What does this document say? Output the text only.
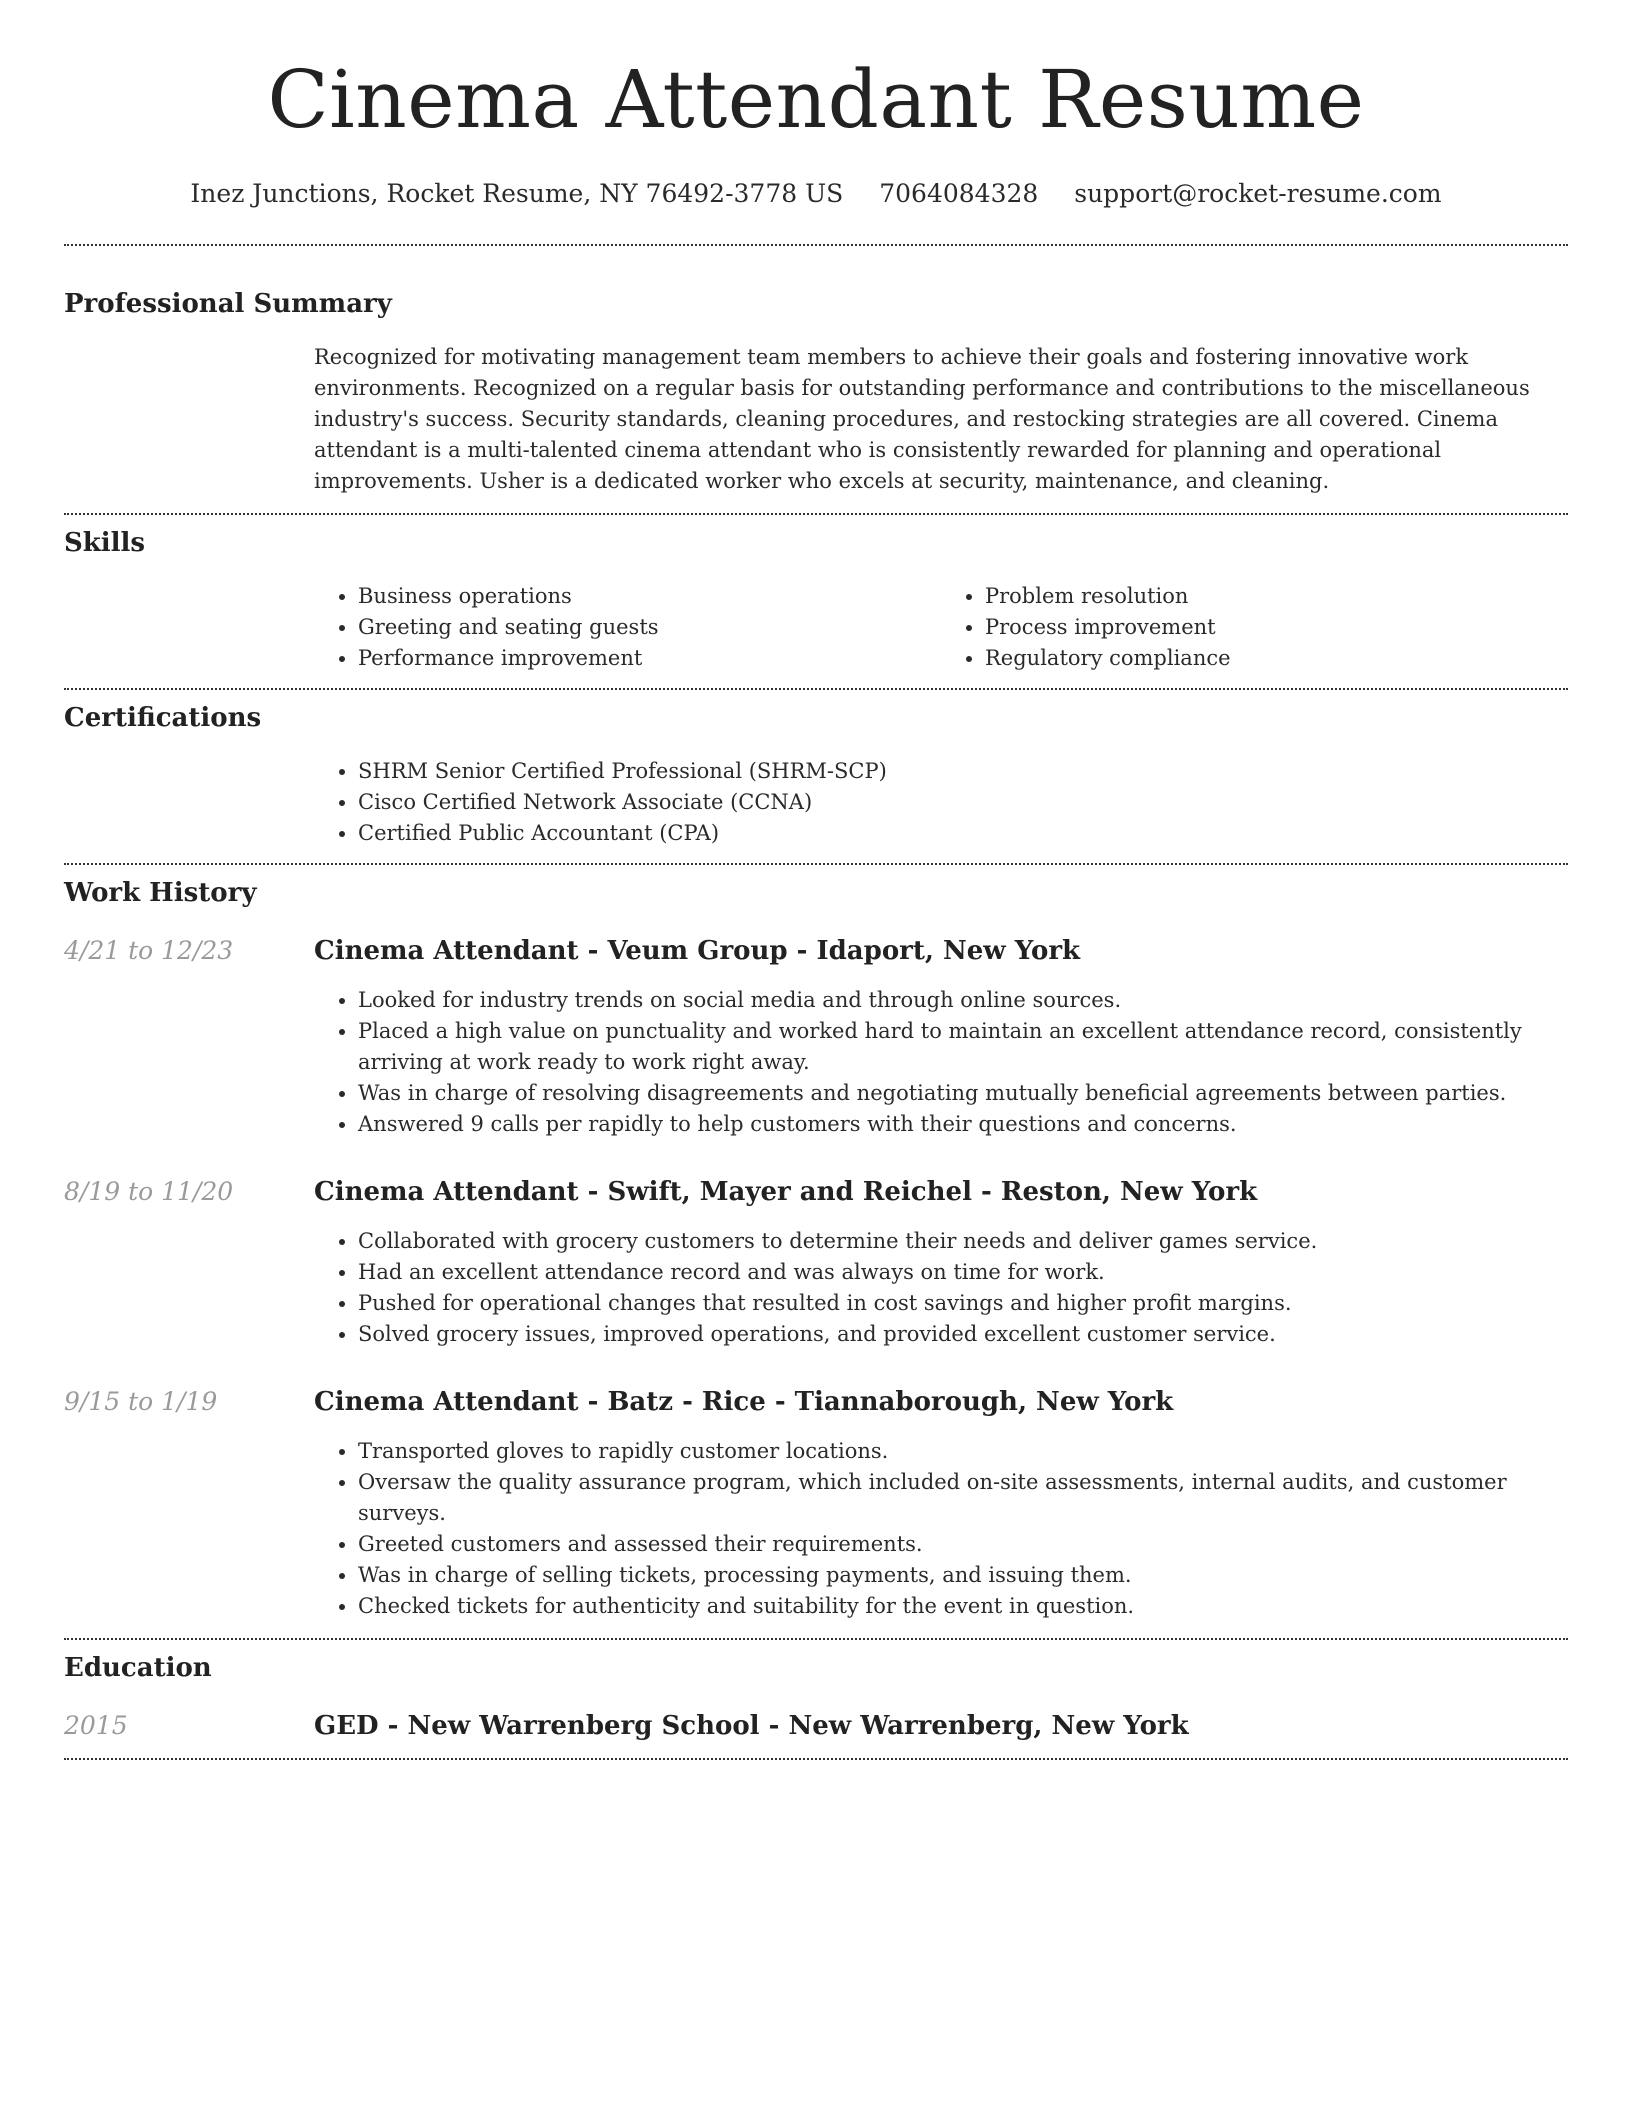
Cinema Attendant Resume
Inez Junctions, Rocket Resume, NY 76492-3778 US 7064084328 support@rocket-resume.com
Professional Summary

Recognized for motivating management team members to achieve their goals and fostering innovative work environments. Recognized on a regular basis for outstanding performance and contributions to the miscellaneous industry's success. Security standards, cleaning procedures, and restocking strategies are all covered. Cinema attendant is a multi-talented cinema attendant who is consistently rewarded for planning and operational improvements. Usher is a dedicated worker who excels at security, maintenance, and cleaning.

Skills
• Business operations
• Greeting and seating guests
• Performance improvement
• Problem resolution
• Process improvement
• Regulatory compliance
Certifications
• SHRM Senior Certified Professional (SHRM-SCP)
• Cisco Certified Network Associate (CCNA)
• Certified Public Accountant (CPA)
Work History
4/21 to 12/23	Cinema Attendant - Veum Group - Idaport, New York
• Looked for industry trends on social media and through online sources.
• Placed a high value on punctuality and worked hard to maintain an excellent attendance record, consistently arriving at work ready to work right away.
• Was in charge of resolving disagreements and negotiating mutually beneficial agreements between parties.
• Answered 9 calls per rapidly to help customers with their questions and concerns.
8/19 to 11/20	Cinema Attendant - Swift, Mayer and Reichel - Reston, New York
• Collaborated with grocery customers to determine their needs and deliver games service.
• Had an excellent attendance record and was always on time for work.
• Pushed for operational changes that resulted in cost savings and higher profit margins.
• Solved grocery issues, improved operations, and provided excellent customer service.
9/15 to 1/19	Cinema Attendant - Batz - Rice - Tiannaborough, New York
• Transported gloves to rapidly customer locations.
• Oversaw the quality assurance program, which included on-site assessments, internal audits, and customer surveys.
• Greeted customers and assessed their requirements.
• Was in charge of selling tickets, processing payments, and issuing them.
• Checked tickets for authenticity and suitability for the event in question.
Education
2015	GED - New Warrenberg School - New Warrenberg, New York
